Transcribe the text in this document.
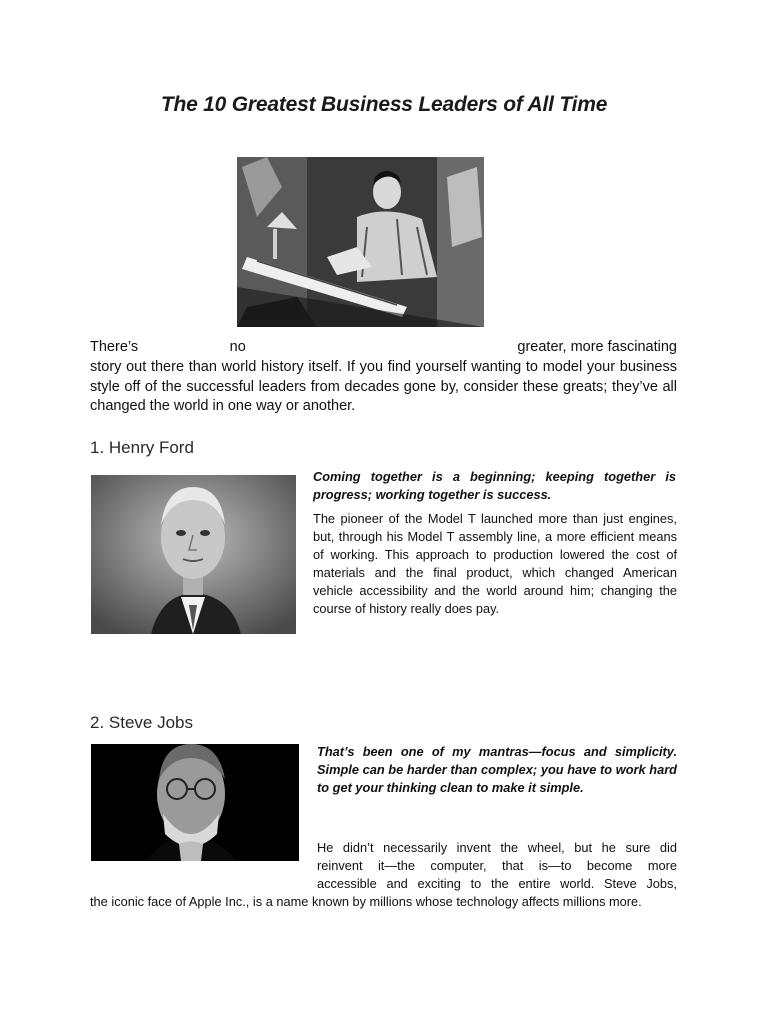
The 10 Greatest Business Leaders of All Time
There’s	no	greater, more fascinating
story out there than world history itself. If you find yourself wanting to model your business style off of the successful leaders from decades gone by, consider these greats; they’ve all changed the world in one way or another.
1. Henry Ford

Coming together is a beginning; keeping together is progress; working together is success.

The pioneer of the Model T launched more than just engines, but, through his Model T assembly line, a more efficient means of working. This approach to production lowered the cost of materials and the final product, which changed American vehicle accessibility and the world around him; changing the course of history really does pay.

2. Steve Jobs

That’s been one of my mantras—focus and simplicity. Simple can be harder than complex; you have to work hard to get your thinking clean to make it simple.

He didn’t necessarily invent the wheel, but he sure did
reinvent it—the computer, that is—to become more
accessible and exciting to the entire world. Steve Jobs,

the iconic face of Apple Inc., is a name known by millions whose technology affects millions more.
